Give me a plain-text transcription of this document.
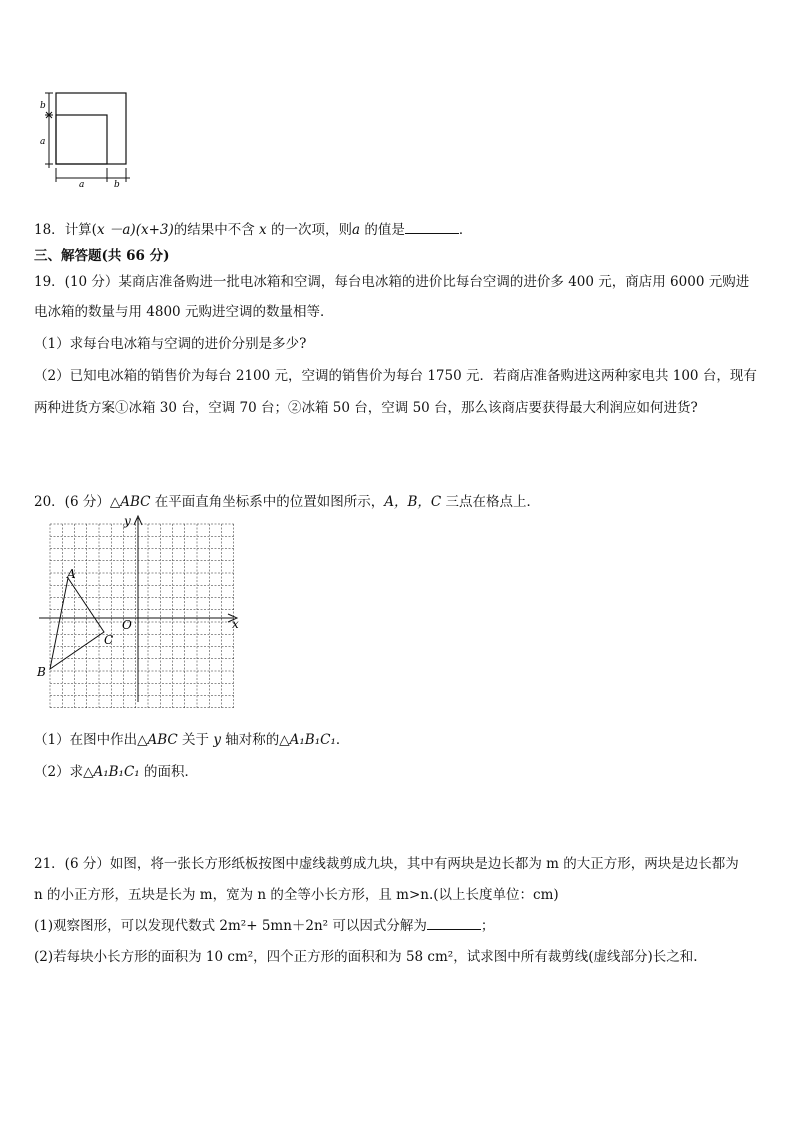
b
a
a	b
18．计算(x －a)(x+3)的结果中不含 x 的一次项，则a 的值是	．
三、解答题(共 66 分)
19．(10 分）某商店准备购进一批电冰箱和空调，每台电冰箱的进价比每台空调的进价多 400 元，商店用 6000 元购进
电冰箱的数量与用 4800 元购进空调的数量相等．
（1）求每台电冰箱与空调的进价分别是多少?
（2）已知电冰箱的销售价为每台 2100 元，空调的销售价为每台 1750 元．若商店准备购进这两种家电共 100 台，现有
两种进货方案①冰箱 30 台，空调 70 台；②冰箱 50 台，空调 50 台，那么该商店要获得最大利润应如何进货?
20．(6 分）△ABC 在平面直角坐标系中的位置如图所示，A，B，C 三点在格点上．
y
x
O
A
B
C
（1）在图中作出△ABC 关于 y 轴对称的△A₁B₁C₁．
（2）求△A₁B₁C₁ 的面积．
21．(6 分）如图，将一张长方形纸板按图中虚线裁剪成九块，其中有两块是边长都为 m 的大正方形，两块是边长都为
n 的小正方形，五块是长为 m，宽为 n 的全等小长方形，且 m>n.(以上长度单位：cm)
(1)观察图形，可以发现代数式 2m²+ 5mn＋2n² 可以因式分解为	；
(2)若每块小长方形的面积为 10 cm²，四个正方形的面积和为 58 cm²，试求图中所有裁剪线(虚线部分)长之和.
